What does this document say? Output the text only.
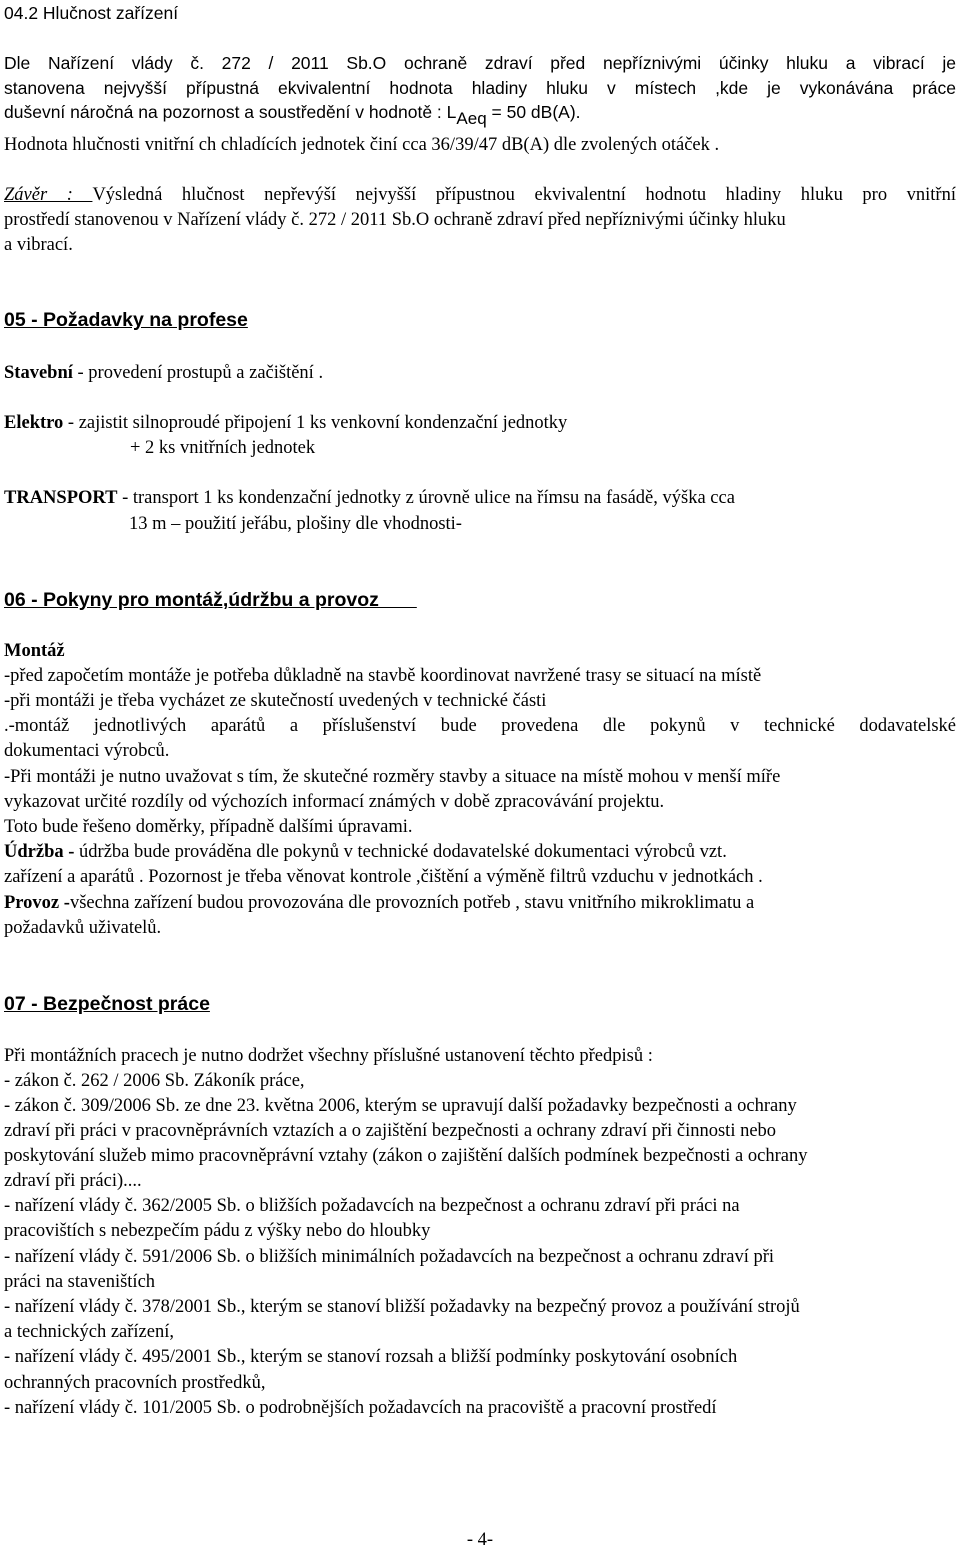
04.2 Hlučnost zařízení
Dle Nařízení vlády č. 272 / 2011 Sb.O ochraně zdraví před nepříznivými účinky hluku a vibrací je
stanovena nejvyšší přípustná ekvivalentní hodnota hladiny hluku v místech ,kde je vykonávána práce
duševní náročná na pozornost a soustředění v hodnotě : LAeq = 50 dB(A).
Hodnota hlučnosti vnitřní ch chladících jednotek činí cca 36/39/47 dB(A) dle zvolených otáček .
Závěr : Výsledná hlučnost nepřevýší nejvyšší přípustnou ekvivalentní hodnotu hladiny hluku pro vnitřní
prostředí stanovenou v Nařízení vlády č. 272 / 2011 Sb.O ochraně zdraví před nepříznivými účinky hluku
a vibrací.
05 - Požadavky na profese
Stavební - provedení prostupů a začištění .
Elektro - zajistit silnoproudé připojení 1 ks venkovní kondenzační jednotky
+ 2 ks vnitřních jednotek
TRANSPORT - transport 1 ks kondenzační jednotky z úrovně ulice na římsu na fasádě, výška cca
13 m – použití jeřábu, plošiny dle vhodnosti-
06 - Pokyny pro montáž,údržbu a provoz
Montáž
-před započetím montáže je potřeba důkladně na stavbě koordinovat navržené trasy se situací na místě
-při montáži je třeba vycházet ze skutečností uvedených v technické části
.-montáž jednotlivých aparátů a příslušenství bude provedena dle pokynů v technické dodavatelské
dokumentaci výrobců.
-Při montáži je nutno uvažovat s tím, že skutečné rozměry stavby a situace na místě mohou v menší míře
vykazovat určité rozdíly od výchozích informací známých v době zpracovávání projektu.
Toto bude řešeno doměrky, případně dalšími úpravami.
Údržba - údržba bude prováděna dle pokynů v technické dodavatelské dokumentaci výrobců vzt.
zařízení a aparátů . Pozornost je třeba věnovat kontrole ,čištění a výměně filtrů vzduchu v jednotkách .
Provoz -všechna zařízení budou provozována dle provozních potřeb , stavu vnitřního mikroklimatu a
požadavků uživatelů.
07 - Bezpečnost práce
Při montážních pracech je nutno dodržet všechny příslušné ustanovení těchto předpisů :
- zákon č. 262 / 2006 Sb. Zákoník práce,
- zákon č. 309/2006 Sb. ze dne 23. května 2006, kterým se upravují další požadavky bezpečnosti a ochrany
zdraví při práci v pracovněprávních vztazích a o zajištění bezpečnosti a ochrany zdraví při činnosti nebo
poskytování služeb mimo pracovněprávní vztahy (zákon o zajištění dalších podmínek bezpečnosti a ochrany
zdraví při práci)....
- nařízení vlády č. 362/2005 Sb. o bližších požadavcích na bezpečnost a ochranu zdraví při práci na
pracovištích s nebezpečím pádu z výšky nebo do hloubky
- nařízení vlády č. 591/2006 Sb. o bližších minimálních požadavcích na bezpečnost a ochranu zdraví při
práci na staveništích
- nařízení vlády č. 378/2001 Sb., kterým se stanoví bližší požadavky na bezpečný provoz a používání strojů
a technických zařízení,
- nařízení vlády č. 495/2001 Sb., kterým se stanoví rozsah a bližší podmínky poskytování osobních
ochranných pracovních prostředků,
- nařízení vlády č. 101/2005 Sb. o podrobnějších požadavcích na pracoviště a pracovní prostředí
- 4-
